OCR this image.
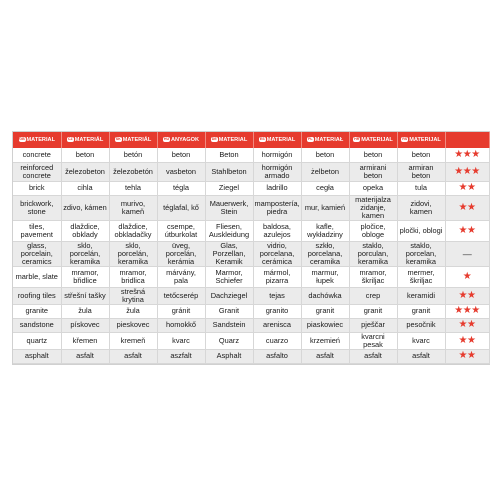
GB MATERIAL	CZ MATERIÁL	SK MATERIÁL	HU ANYAGOK	DE MATERIAL	ES MATERIAL	PL MATERIAŁ	HR MATERIJAL	RS MATERIJAL	
concrete	beton	betón	beton	Beton	hormigón	beton	beton	beton	★★★
reinforced concrete	železobeton	železobetón	vasbeton	Stahlbeton	hormigón armado	żelbeton	armirani beton	armiran beton	★★★
brick	cihla	tehla	tégla	Ziegel	ladrillo	cegła	opeka	tula	★★
brickwork, stone	zdivo, kámen	murivo, kameň	téglafal, kő	Mauerwerk, Stein	mampostería, piedra	mur, kamień	materijalza zidanje, kamen	zidovi, kamen	★★
tiles, pavement	dlaždice, obklady	dlaždice, obkladačky	csempe, útburkolat	Fliesen, Auskleidung	baldosa, azulejos	kafle, wykładziny	pločice, obloge	pločki, oblogi	★★
glass, porcelain, ceramics	sklo, porcelán, keramika	sklo, porcelán, keramika	üveg, porcelán, kerámia	Glas, Porzellan, Keramik	vidrio, porcelana, cerámica	szkło, porcelana, ceramika	staklo, porculan, keramika	staklo, porcelan, keramika	—
marble, slate	mramor, břidlice	mramor, bridlica	márvány, pala	Marmor, Schiefer	mármol, pizarra	marmur, łupek	mramor, škriljac	mermer, škriljac	★
roofing tiles	střešní tašky	strešná krytina	tetőcserép	Dachziegel	tejas	dachówka	crep	keramidi	★★
granite	žula	žula	gránit	Granit	granito	granit	granit	granit	★★★
sandstone	pískovec	pieskovec	homokkő	Sandstein	arenisca	piaskowiec	pješčar	pesočnik	★★
quartz	křemen	kremeň	kvarc	Quarz	cuarzo	krzemień	kvarcni pesak	kvarc	★★
asphalt	asfalt	asfalt	aszfalt	Asphalt	asfalto	asfalt	asfalt	asfalt	★★
